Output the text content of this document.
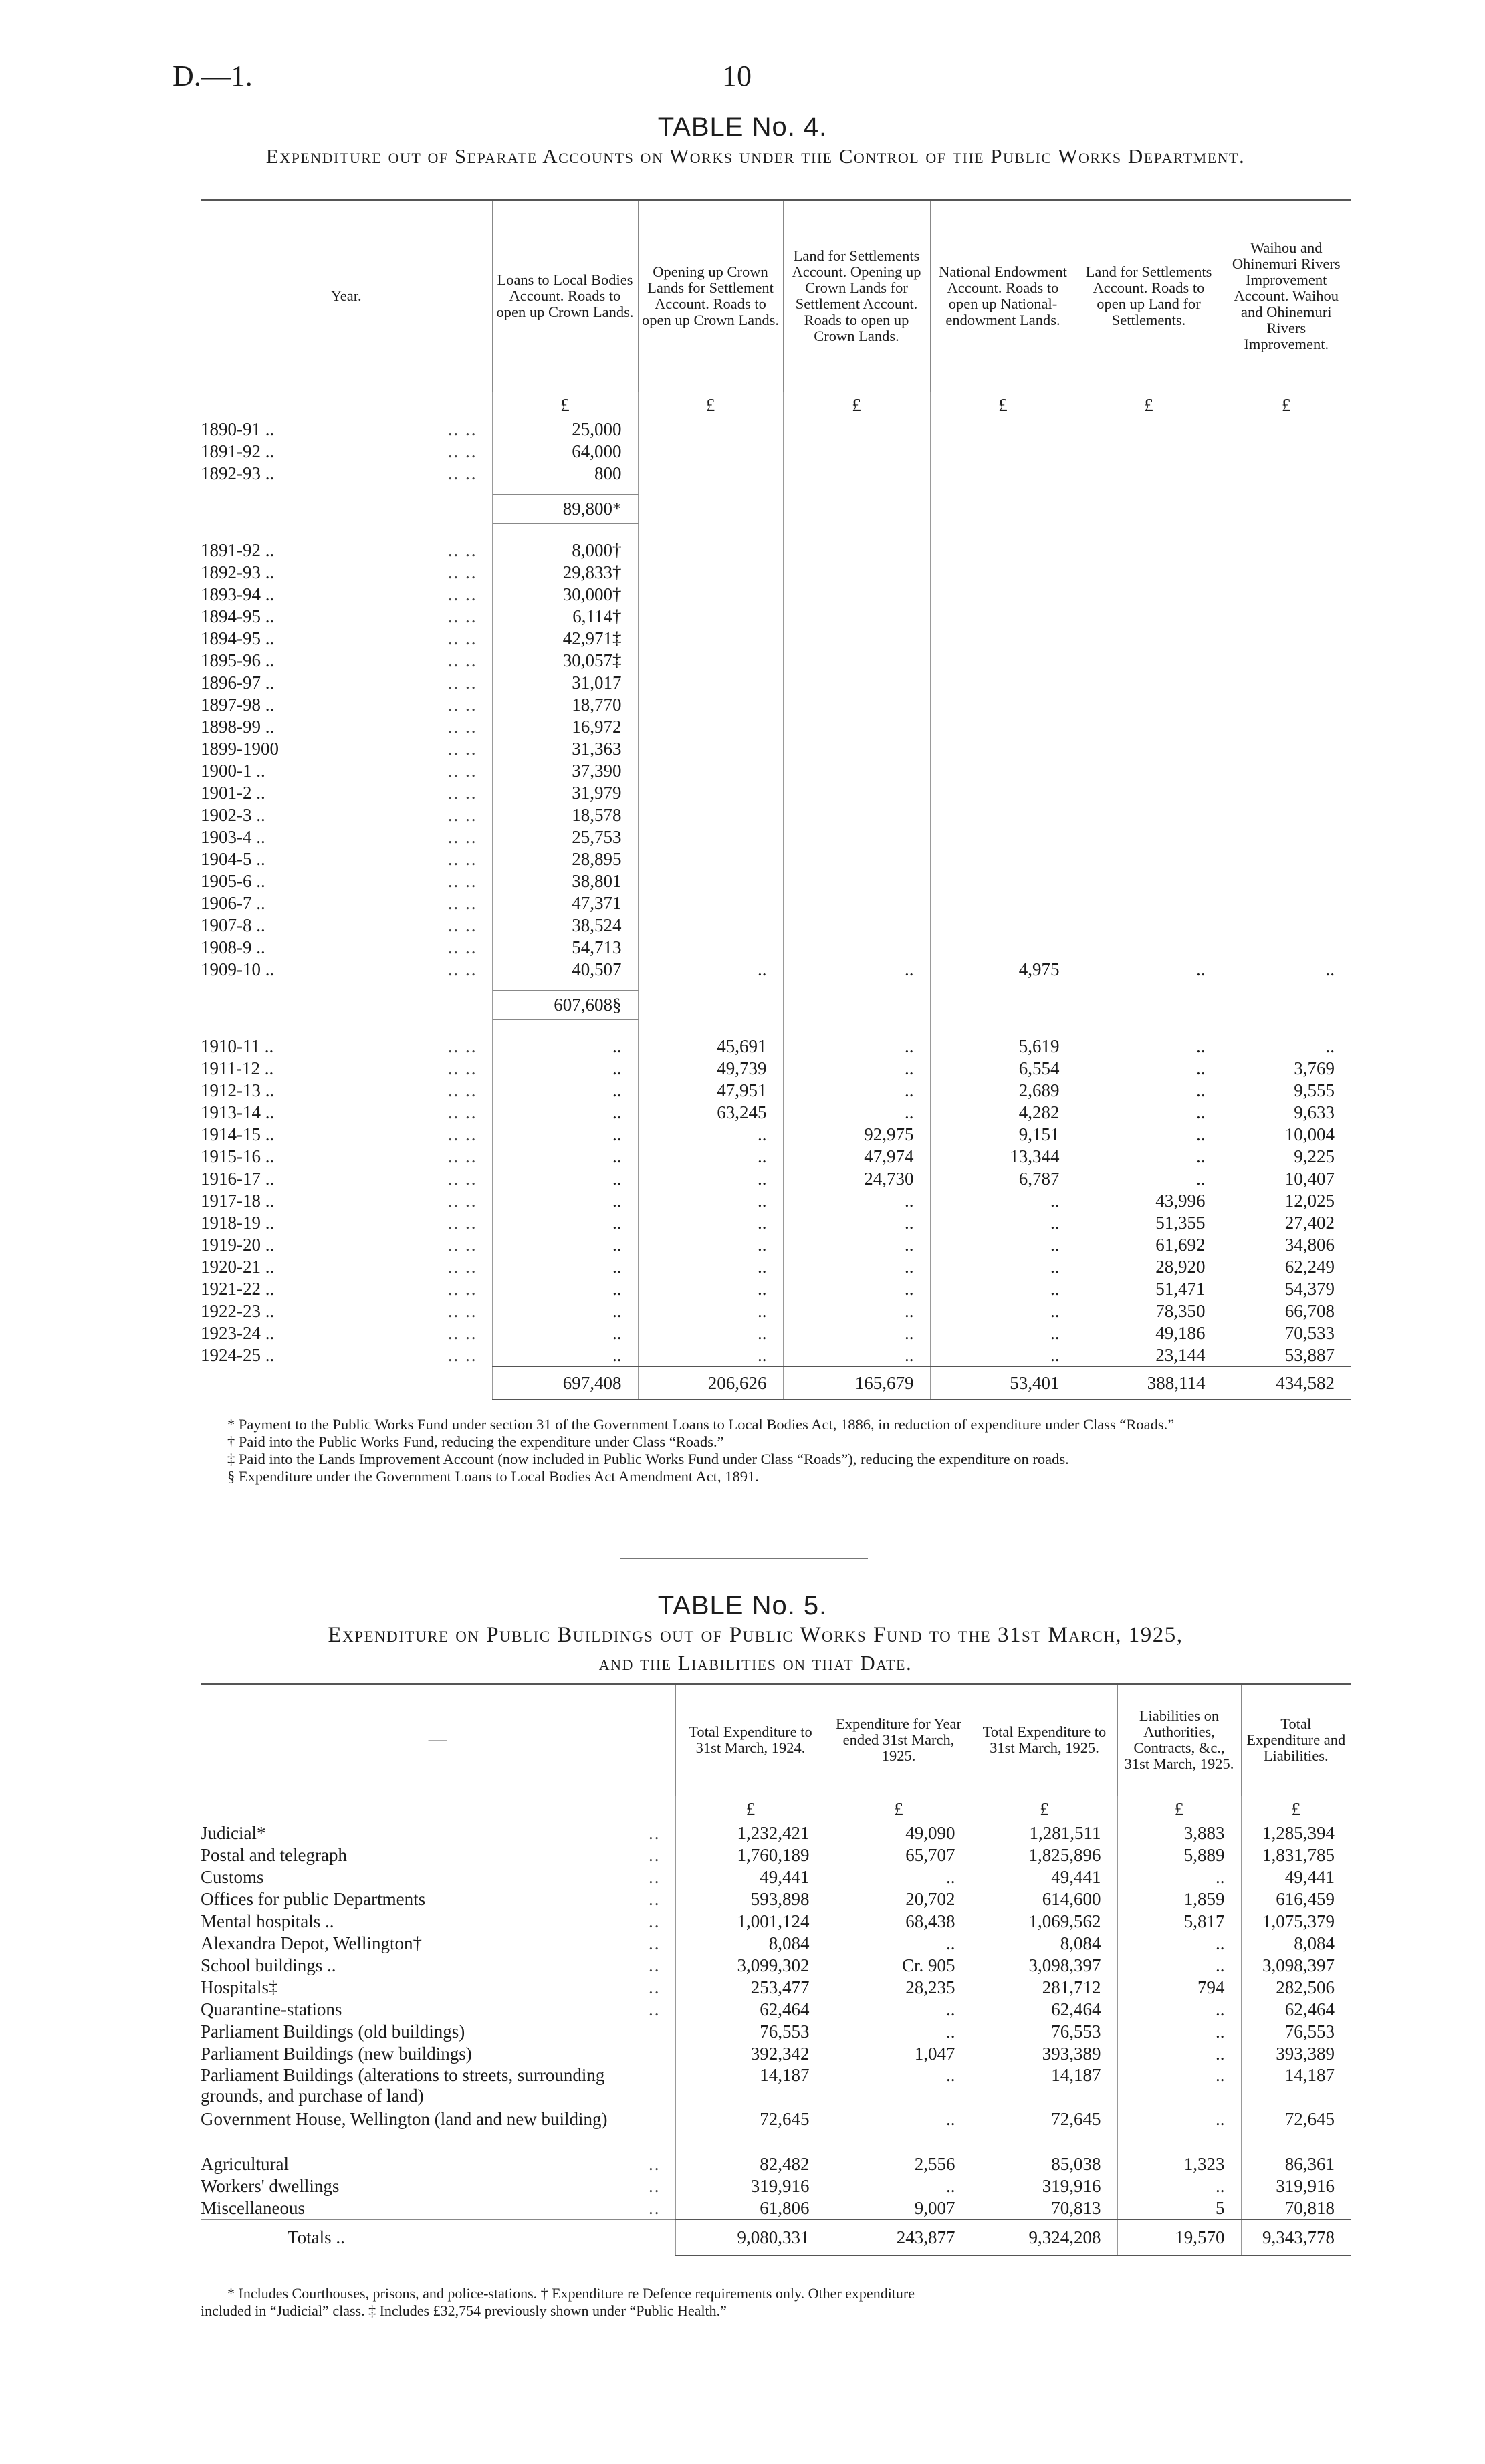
D.—1.	10
TABLE No. 4.
Expenditure out of Separate Accounts on Works under the Control of the Public Works Department.
Year.	Loans to Local Bodies Account. Roads to open up Crown Lands.	Opening up Crown Lands for Settlement Account. Roads to open up Crown Lands.	Land for Settlements Account. Opening up Crown Lands for Settlement Account. Roads to open up Crown Lands.	National Endowment Account. Roads to open up National-endowment Lands.	Land for Settlements Account. Roads to open up Land for Settlements.	Waihou and Ohinemuri Rivers Improvement Account. Waihou and Ohinemuri Rivers Improvement.
	£	£	£	£	£	£
1890-91 .. .. ..	25,000					
1891-92 .. .. ..	64,000					
1892-93 .. .. ..	800					

	89,800*					

1891-92 .. .. ..	8,000†					
1892-93 .. .. ..	29,833†					
1893-94 .. .. ..	30,000†					
1894-95 .. .. ..	6,114†					
1894-95 .. .. ..	42,971‡					
1895-96 .. .. ..	30,057‡					
1896-97 .. .. ..	31,017					
1897-98 .. .. ..	18,770					
1898-99 .. .. ..	16,972					
1899-1900 .. ..	31,363					
1900-1 .. .. ..	37,390					
1901-2 .. .. ..	31,979					
1902-3 .. .. ..	18,578					
1903-4 .. .. ..	25,753					
1904-5 .. .. ..	28,895					
1905-6 .. .. ..	38,801					
1906-7 .. .. ..	47,371					
1907-8 .. .. ..	38,524					
1908-9 .. .. ..	54,713					
1909-10 .. .. ..	40,507	..	..	4,975	..	..

	607,608§					

1910-11 .. .. ..	..	45,691	..	5,619	..	..
1911-12 .. .. ..	..	49,739	..	6,554	..	3,769
1912-13 .. .. ..	..	47,951	..	2,689	..	9,555
1913-14 .. .. ..	..	63,245	..	4,282	..	9,633
1914-15 .. .. ..	..	..	92,975	9,151	..	10,004
1915-16 .. .. ..	..	..	47,974	13,344	..	9,225
1916-17 .. .. ..	..	..	24,730	6,787	..	10,407
1917-18 .. .. ..	..	..	..	..	43,996	12,025
1918-19 .. .. ..	..	..	..	..	51,355	27,402
1919-20 .. .. ..	..	..	..	..	61,692	34,806
1920-21 .. .. ..	..	..	..	..	28,920	62,249
1921-22 .. .. ..	..	..	..	..	51,471	54,379
1922-23 .. .. ..	..	..	..	..	78,350	66,708
1923-24 .. .. ..	..	..	..	..	49,186	70,533
1924-25 .. .. ..	..	..	..	..	23,144	53,887
	697,408	206,626	165,679	53,401	388,114	434,582

* Payment to the Public Works Fund under section 31 of the Government Loans to Local Bodies Act, 1886, in reduction of expenditure under Class “Roads.”

† Paid into the Public Works Fund, reducing the expenditure under Class “Roads.”

‡ Paid into the Lands Improvement Account (now included in Public Works Fund under Class “Roads”), reducing the expenditure on roads.

§ Expenditure under the Government Loans to Local Bodies Act Amendment Act, 1891.

TABLE No. 5.
Expenditure on Public Buildings out of Public Works Fund to the 31st March, 1925,
and the Liabilities on that Date.
—	Total Expenditure to 31st March, 1924.	Expenditure for Year ended 31st March, 1925.	Total Expenditure to 31st March, 1925.	Liabilities on Authorities, Contracts, &c., 31st March, 1925.	Total Expenditure and Liabilities.
	£	£	£	£	£
Judicial* ..	1,232,421	49,090	1,281,511	3,883	1,285,394
Postal and telegraph ..	1,760,189	65,707	1,825,896	5,889	1,831,785
Customs ..	49,441	..	49,441	..	49,441
Offices for public Departments ..	593,898	20,702	614,600	1,859	616,459
Mental hospitals .. ..	1,001,124	68,438	1,069,562	5,817	1,075,379
Alexandra Depot, Wellington† ..	8,084	..	8,084	..	8,084
School buildings .. ..	3,099,302	Cr. 905	3,098,397	..	3,098,397
Hospitals‡ ..	253,477	28,235	281,712	794	282,506
Quarantine-stations ..	62,464	..	62,464	..	62,464
Parliament Buildings (old buildings)	76,553	..	76,553	..	76,553
Parliament Buildings (new buildings)	392,342	1,047	393,389	..	393,389
Parliament Buildings (alterations to streets, surrounding grounds, and purchase of land)	14,187	..	14,187	..	14,187
Government House, Wellington (land and new building)	72,645	..	72,645	..	72,645
Agricultural ..	82,482	2,556	85,038	1,323	86,361
Workers' dwellings ..	319,916	..	319,916	..	319,916
Miscellaneous ..	61,806	9,007	70,813	5	70,818
Totals ..	9,080,331	243,877	9,324,208	19,570	9,343,778

* Includes Courthouses, prisons, and police-stations. † Expenditure re Defence requirements only. Other expenditure

included in “Judicial” class. ‡ Includes £32,754 previously shown under “Public Health.”
